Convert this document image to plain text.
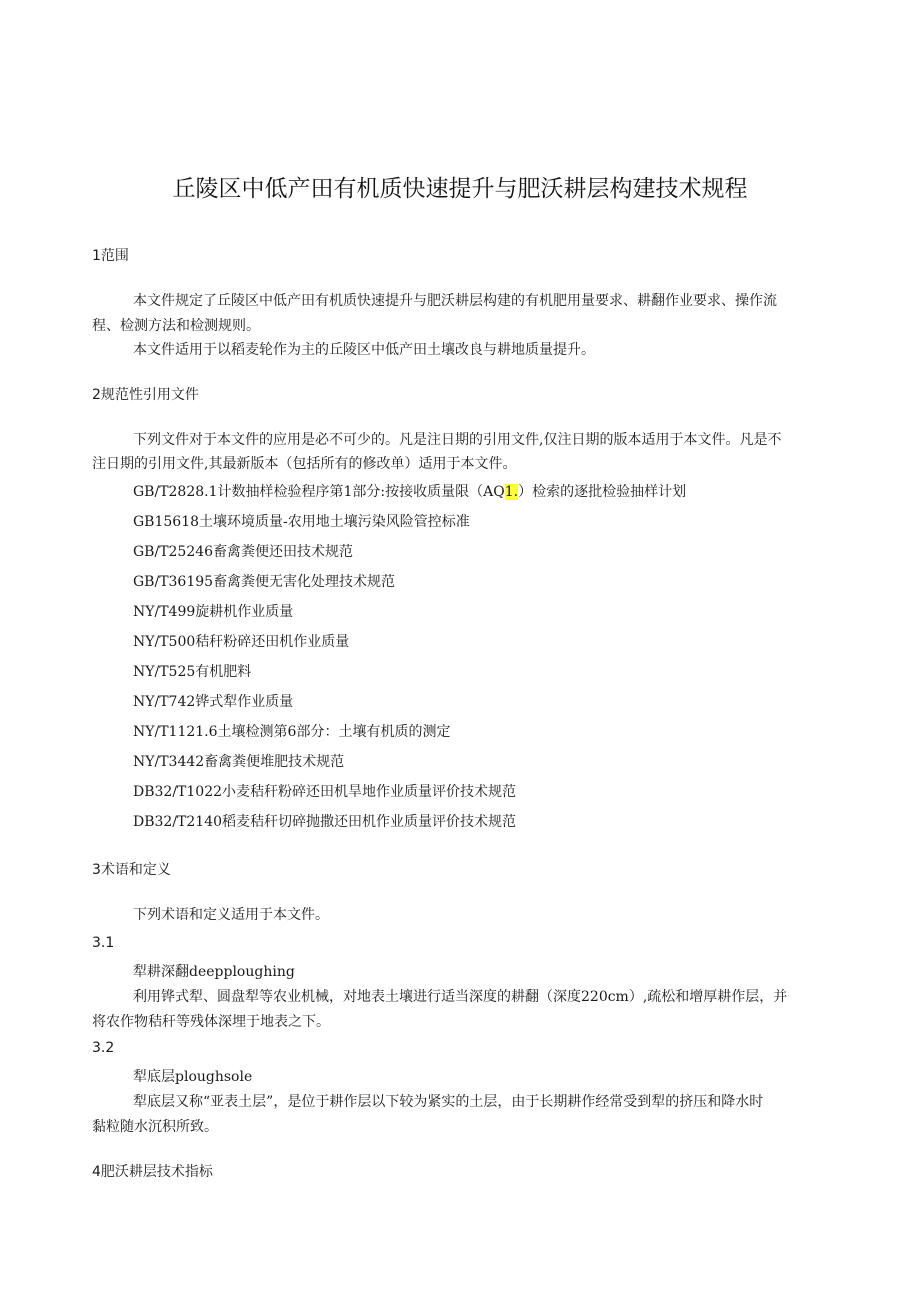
丘陵区中低产田有机质快速提升与肥沃耕层构建技术规程
1范围
本文件规定了丘陵区中低产田有机质快速提升与肥沃耕层构建的有机肥用量要求、耕翻作业要求、操作流
程、检测方法和检测规则。
本文件适用于以稻麦轮作为主的丘陵区中低产田土壤改良与耕地质量提升。
2规范性引用文件
下列文件对于本文件的应用是必不可少的。凡是注日期的引用文件,仅注日期的版本适用于本文件。凡是不
注日期的引用文件,其最新版本（包括所有的修改单）适用于本文件。
GB/T2828.1计数抽样检验程序第1部分:按接收质量限（AQ1.）检索的逐批检验抽样计划
GB15618土壤环境质量-农用地土壤污染风险管控标准
GB/T25246畜禽粪便还田技术规范
GB/T36195畜禽粪便无害化处理技术规范
NY/T499旋耕机作业质量
NY/T500秸秆粉碎还田机作业质量
NY/T525有机肥料
NY/T742铧式犁作业质量
NY/T1121.6土壤检测第6部分：土壤有机质的测定
NY/T3442畜禽粪便堆肥技术规范
DB32/T1022小麦秸秆粉碎还田机旱地作业质量评价技术规范
DB32/T2140稻麦秸秆切碎抛撒还田机作业质量评价技术规范
3术语和定义
下列术语和定义适用于本文件。
3.1
犁耕深翻deepploughing
利用铧式犁、圆盘犁等农业机械，对地表土壤进行适当深度的耕翻（深度220cm）,疏松和增厚耕作层，并
将农作物秸秆等残体深埋于地表之下。
3.2
犁底层ploughsole
犁底层又称“亚表土层”，是位于耕作层以下较为紧实的土层，由于长期耕作经常受到犁的挤压和降水时
黏粒随水沉积所致。
4肥沃耕层技术指标
